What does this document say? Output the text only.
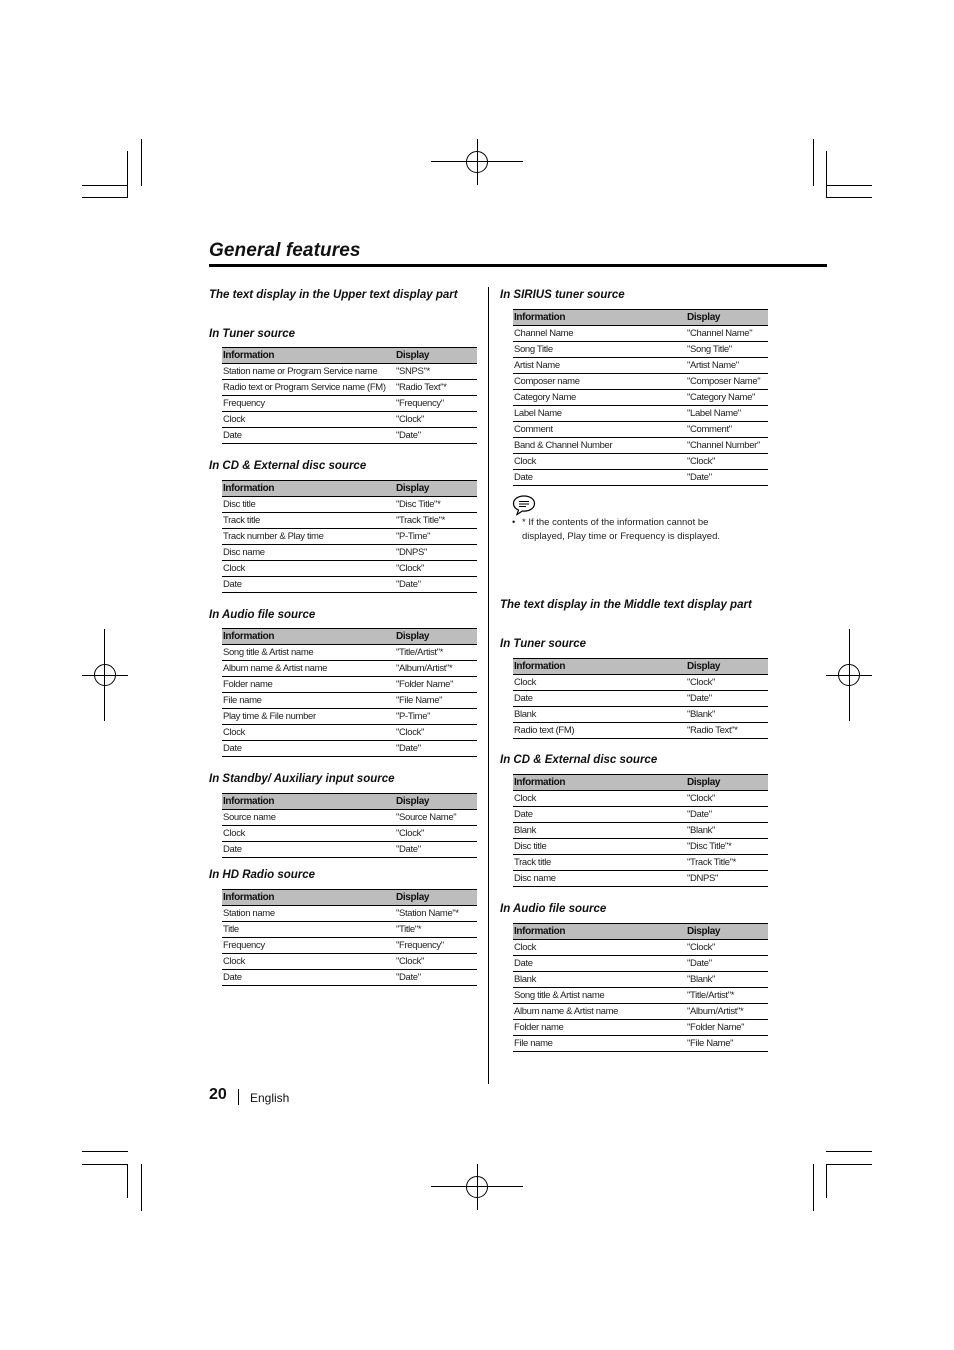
General features
The text display in the Upper text display part
In Tuner source
Information	Display
Station name or Program Service name	"SNPS"*
Radio text or Program Service name (FM)	"Radio Text"*
Frequency	"Frequency"
Clock	"Clock"
Date	"Date"
In CD & External disc source
Information	Display
Disc title	"Disc Title"*
Track title	"Track Title"*
Track number & Play time	"P-Time"
Disc name	"DNPS"
Clock	"Clock"
Date	"Date"
In Audio file source
Information	Display
Song title & Artist name	"Title/Artist"*
Album name & Artist name	"Album/Artist"*
Folder name	"Folder Name"
File name	"File Name"
Play time & File number	"P-Time"
Clock	"Clock"
Date	"Date"
In Standby/ Auxiliary input source
Information	Display
Source name	"Source Name"
Clock	"Clock"
Date	"Date"
In HD Radio source
Information	Display
Station name	"Station Name"*
Title	"Title"*
Frequency	"Frequency"
Clock	"Clock"
Date	"Date"
In SIRIUS tuner source
Information	Display
Channel Name	"Channel Name"
Song Title	"Song Title"
Artist Name	"Artist Name"
Composer name	"Composer Name"
Category Name	"Category Name"
Label Name	"Label Name"
Comment	"Comment"
Band & Channel Number	"Channel Number"
Clock	"Clock"
Date	"Date"
• * If the contents of the information cannot be displayed, Play time or Frequency is displayed.
The text display in the Middle text display part
In Tuner source
Information	Display
Clock	"Clock"
Date	"Date"
Blank	"Blank"
Radio text (FM)	"Radio Text"*
In CD & External disc source
Information	Display
Clock	"Clock"
Date	"Date"
Blank	"Blank"
Disc title	"Disc Title"*
Track title	"Track Title"*
Disc name	"DNPS"
In Audio file source
Information	Display
Clock	"Clock"
Date	"Date"
Blank	"Blank"
Song title & Artist name	"Title/Artist"*
Album name & Artist name	"Album/Artist"*
Folder name	"Folder Name"
File name	"File Name"
20 English
